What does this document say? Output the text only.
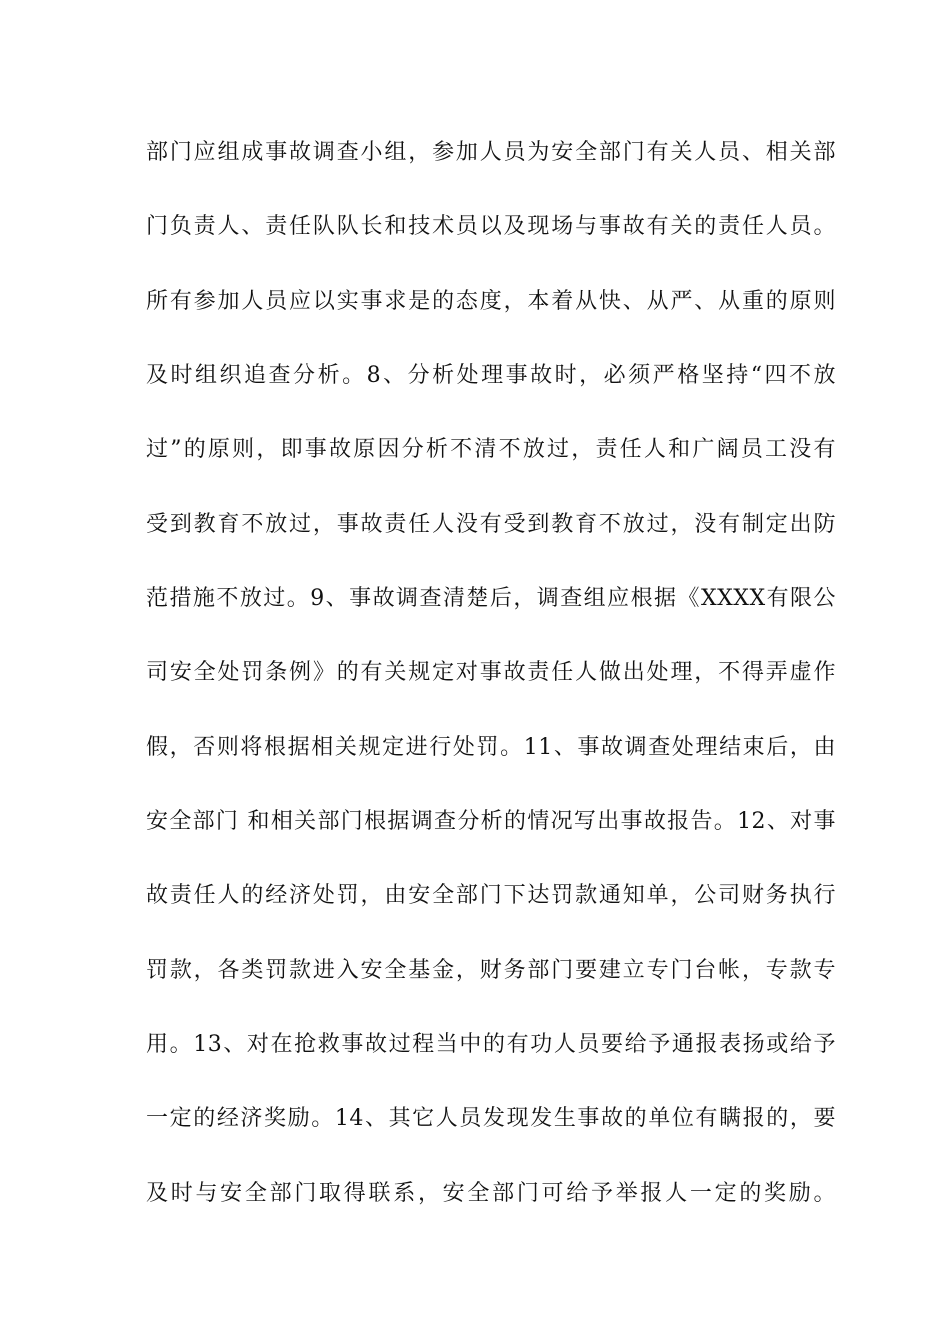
部门应组成事故调查小组，参加人员为安全部门有关人员、相关部
门负责人、责任队队长和技术员以及现场与事故有关的责任人员。
所有参加人员应以实事求是的态度，本着从快、从严、从重的原则
及时组织追查分析。8、分析处理事故时，必须严格坚持“四不放
过”的原则，即事故原因分析不清不放过，责任人和广阔员工没有
受到教育不放过，事故责任人没有受到教育不放过，没有制定出防
范措施不放过。9、事故调查清楚后，调查组应根据《XXXX有限公
司安全处罚条例》的有关规定对事故责任人做出处理，不得弄虚作
假，否则将根据相关规定进行处罚。11、事故调查处理结束后，由
安全部门 和相关部门根据调查分析的情况写出事故报告。12、对事
故责任人的经济处罚，由安全部门下达罚款通知单，公司财务执行
罚款，各类罚款进入安全基金，财务部门要建立专门台帐，专款专
用。13、对在抢救事故过程当中的有功人员要给予通报表扬或给予
一定的经济奖励。14、其它人员发现发生事故的单位有瞒报的，要
及时与安全部门取得联系，安全部门可给予举报人一定的奖励。
